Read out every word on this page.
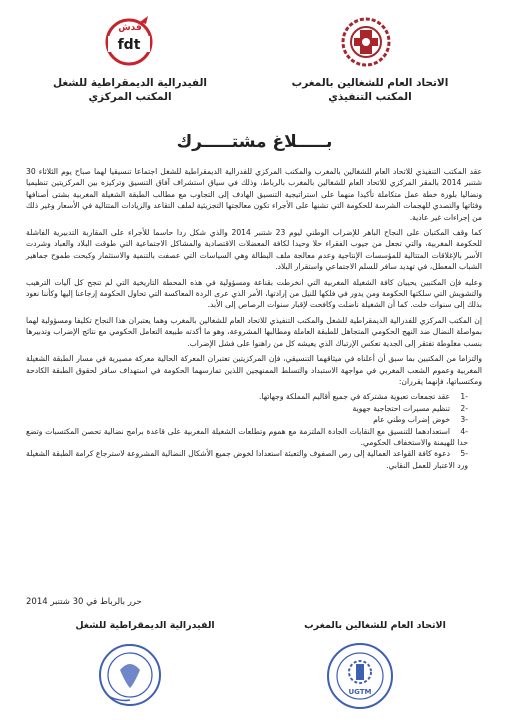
fdt
فدش
الفيدرالية الديمقراطية للشغل
المكتب المركزي
الاتحاد العام للشغالين بالمغرب
المكتب التنفيذي
بـــــلاغ مشتـــــرك

عقد المكتب التنفيذي للاتحاد العام للشغالين بالمغرب والمكتب المركزي للفدرالية الديمقراطية للشغل اجتماعا تنسيقيا لهما صباح يوم الثلاثاء 30 شتنبر 2014 بالمقر المركزي للاتحاد العام للشغالين بالمغرب بالرباط، وذلك في سياق استشراف آفاق التنسيق وتركيزه بين المركزيتين تنظيميا ونضاليا بلورة خطة عمل متكاملة تأكيدا منهما على استراتيجية التنسيق الهادف إلى التجاوب مع مطالب الطبقة الشغيلة المغربية بشتى أصنافها وفئاتها والتصدي للهجمات الشرسة للحكومة التي تشنها على الأجراء تكون معالجتها التجزيئية لملف التقاعد والزيادات المتتالية في الأسعار وغير ذلك من إجراءات غير عادية.

كما وقف المكتبان على النجاح الباهر للإضراب الوطني ليوم 23 شتنبر 2014 والذي شكل ردا حاسما للأجراء على المقاربة التدبيرية الفاشلة للحكومة المغربية، والتي تجعل من جيوب الفقراء حلا وحيدا لكافة المعضلات الاقتصادية والمشاكل الاجتماعية التي طوقت البلاد والعباد وشردت الأسر بالإغلاقات المتتالية للمؤسسات الإنتاجية وعدم معالجة ملف البطالة وهي السياسات التي عصفت بالتنمية والاستثمار وكبحت طموح جماهير الشباب المعطل، في تهديد سافر للسلم الاجتماعي واستقرار البلاد.

وعليه فإن المكتبين يحييان كافة الشغيلة المغربية التي انخرطت بقناعة ومسؤولية في هذه المحطة التاريخية التي لم تنجح كل آليات الترهيب والتشويش التي سلكتها الحكومة ومن يدور في فلكها للنيل من إرادتها، الأمر الذي عرى الردة المعاكسة التي تحاول الحكومة إرجاعنا إليها وكأننا نعود بذلك إلى سنوات خلت. كما أن الشغيلة ناضلت وكافحت لإقبار سنوات الرصاص إلى الأبد.

إن المكتب المركزي للفدرالية الديمقراطية للشغل والمكتب التنفيذي للاتحاد العام للشغالين بالمغرب وهما يعتبران هذا النجاح تكليفا ومسؤولية لهما بمواصلة النضال ضد النهج الحكومي المتجاهل للطبقة العاملة ومطالبها المشروعة، وهو ما أكدته طبيعة التعامل الحكومي مع نتائج الإضراب وتدبيرها بنسب مغلوطة تفتقر إلى الجدية تعكس الإرتباك الذي يعيشه كل من راهنوا على فشل الإضراب.

والتزاما من المكتبين بما سبق أن أعلناه في ميثاقهما التنسيقي، فإن المركزيتين تعتبران المعركة الحالية معركة مصيرية في مسار الطبقة الشغيلة المغربية وعموم الشعب المغربي في مواجهة الاستبداد والتسلط الممنهجين اللذين تمارسهما الحكومة في استهداف سافر لحقوق الطبقة الكادحة ومكتسباتها، فإنهما يقرران:

-1عقد تجمعات تعبوية مشتركة في جميع أقاليم المملكة وجهاتها.
-2تنظيم مسيرات احتجاجية جهوية
-3خوض إضراب وطني عام
-4استعدادهما للتنسيق مع النقابات الجادة الملتزمة مع هموم وتطلعات الشغيلة المغربية على قاعدة برامج نضالية تحصن المكتسبات وتضع حدا للهيمنة والاستخفاف الحكومي.
-5دعوة كافة القواعد العمالية إلى رص الصفوف والتعبئة استعدادا لخوض جميع الأشكال النضالية المشروعة لاسترجاع كرامة الطبقة الشغيلة ورد الاعتبار للعمل النقابي.
حرر بالرباط في 30 شتنبر 2014
الفيدرالية الديمقراطية للشغل	الاتحاد العام للشغالين بالمغرب
UGTM
